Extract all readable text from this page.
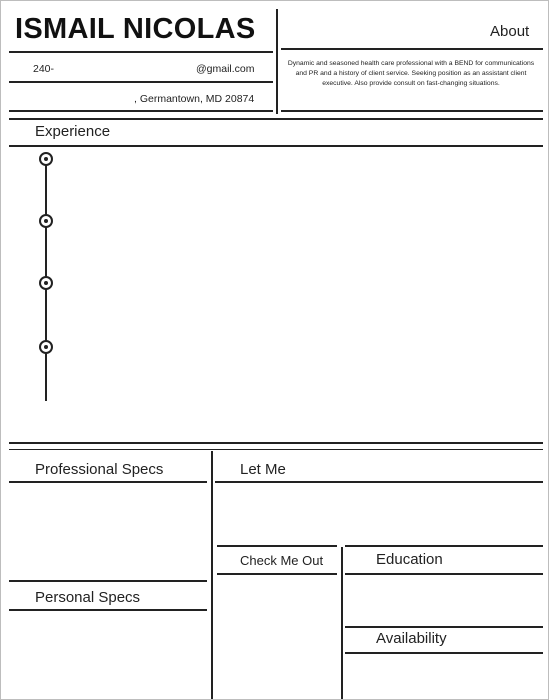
ISMAIL NICOLAS
240-	@gmail.com
, Germantown, MD 20874
About
Dynamic and seasoned health care professional with a BEND for communications and PR and a history of client service. Seeking position as an assistant client executive. Also provide consult on fast-changing situations.
Experience
Professional Specs
Personal Specs
Let Me
Check Me Out	Education
Availability
